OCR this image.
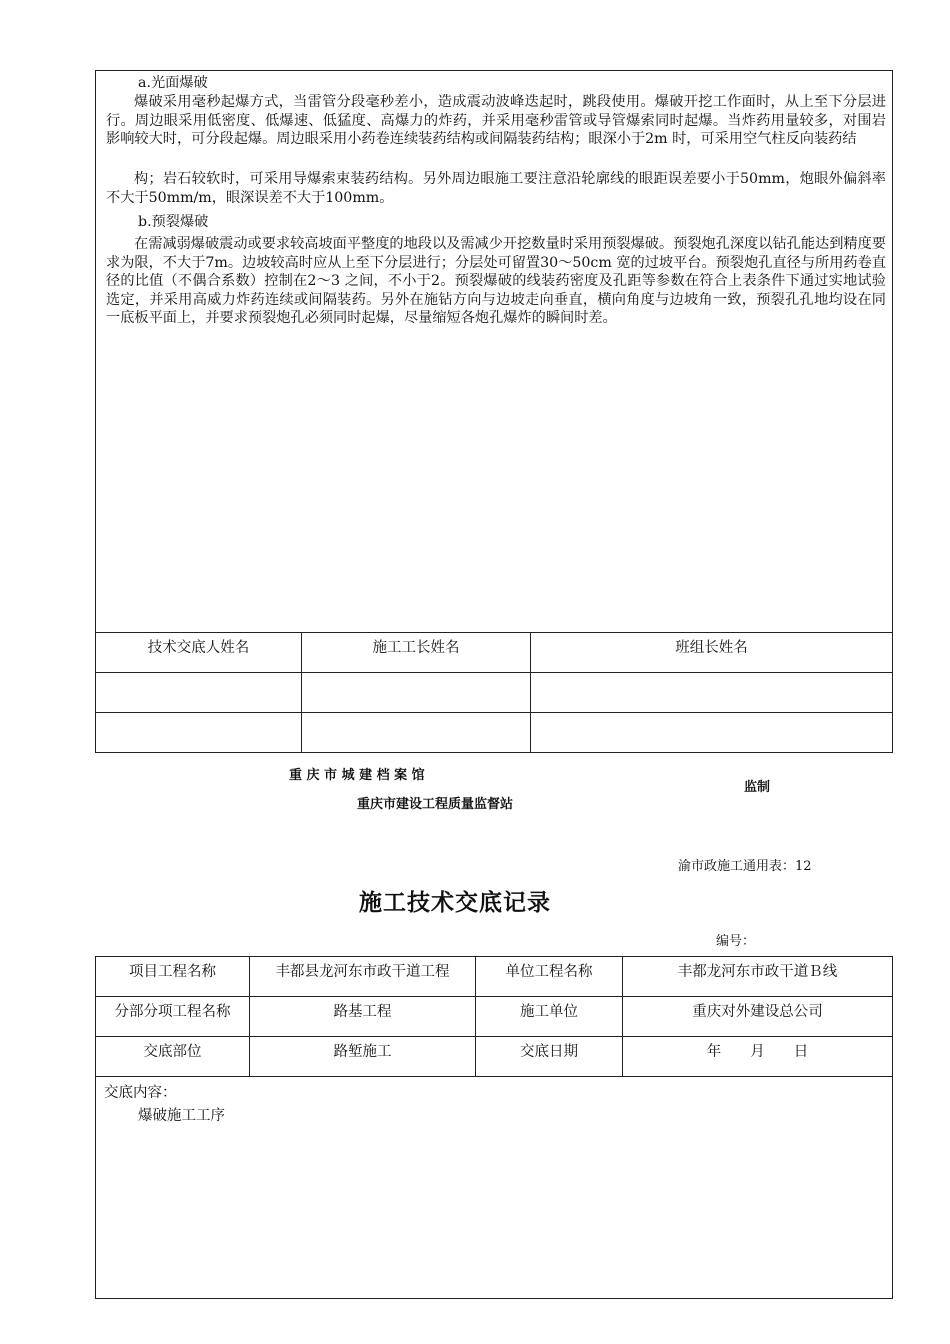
a.光面爆破

爆破采用毫秒起爆方式，当雷管分段毫秒差小，造成震动波峰迭起时，跳段使用。爆破开挖工作面时，从上至下分层进行。周边眼采用低密度、低爆速、低猛度、高爆力的炸药，并采用毫秒雷管或导管爆索同时起爆。当炸药用量较多，对围岩影响较大时，可分段起爆。周边眼采用小药卷连续装药结构或间隔装药结构；眼深小于2m 时，可采用空气柱反向装药结

构；岩石较软时，可采用导爆索束装药结构。另外周边眼施工要注意沿轮廓线的眼距误差要小于50mm，炮眼外偏斜率不大于50mm/m，眼深误差不大于100mm。

b.预裂爆破

在需减弱爆破震动或要求较高坡面平整度的地段以及需减少开挖数量时采用预裂爆破。预裂炮孔深度以钻孔能达到精度要求为限，不大于7m。边坡较高时应从上至下分层进行；分层处可留置30～50cm 宽的过坡平台。预裂炮孔直径与所用药卷直径的比值（不偶合系数）控制在2～3 之间，不小于2。预裂爆破的线装药密度及孔距等参数在符合上表条件下通过实地试验选定，并采用高威力炸药连续或间隔装药。另外在施钻方向与边坡走向垂直，横向角度与边坡角一致，预裂孔孔地均设在同一底板平面上，并要求预裂炮孔必须同时起爆，尽量缩短各炮孔爆炸的瞬间时差。

技术交底人姓名	施工工长姓名	班组长姓名

重 庆 市 城 建 档 案 馆
监制
重庆市建设工程质量监督站
渝市政施工通用表：12
施工技术交底记录
编号：
项目工程名称	丰都县龙河东市政干道工程	单位工程名称	丰都龙河东市政干道Ｂ线
分部分项工程名称	路基工程	施工单位	重庆对外建设总公司
交底部位	路堑施工	交底日期	年　　月　　日
交底内容：
爆破施工工序
